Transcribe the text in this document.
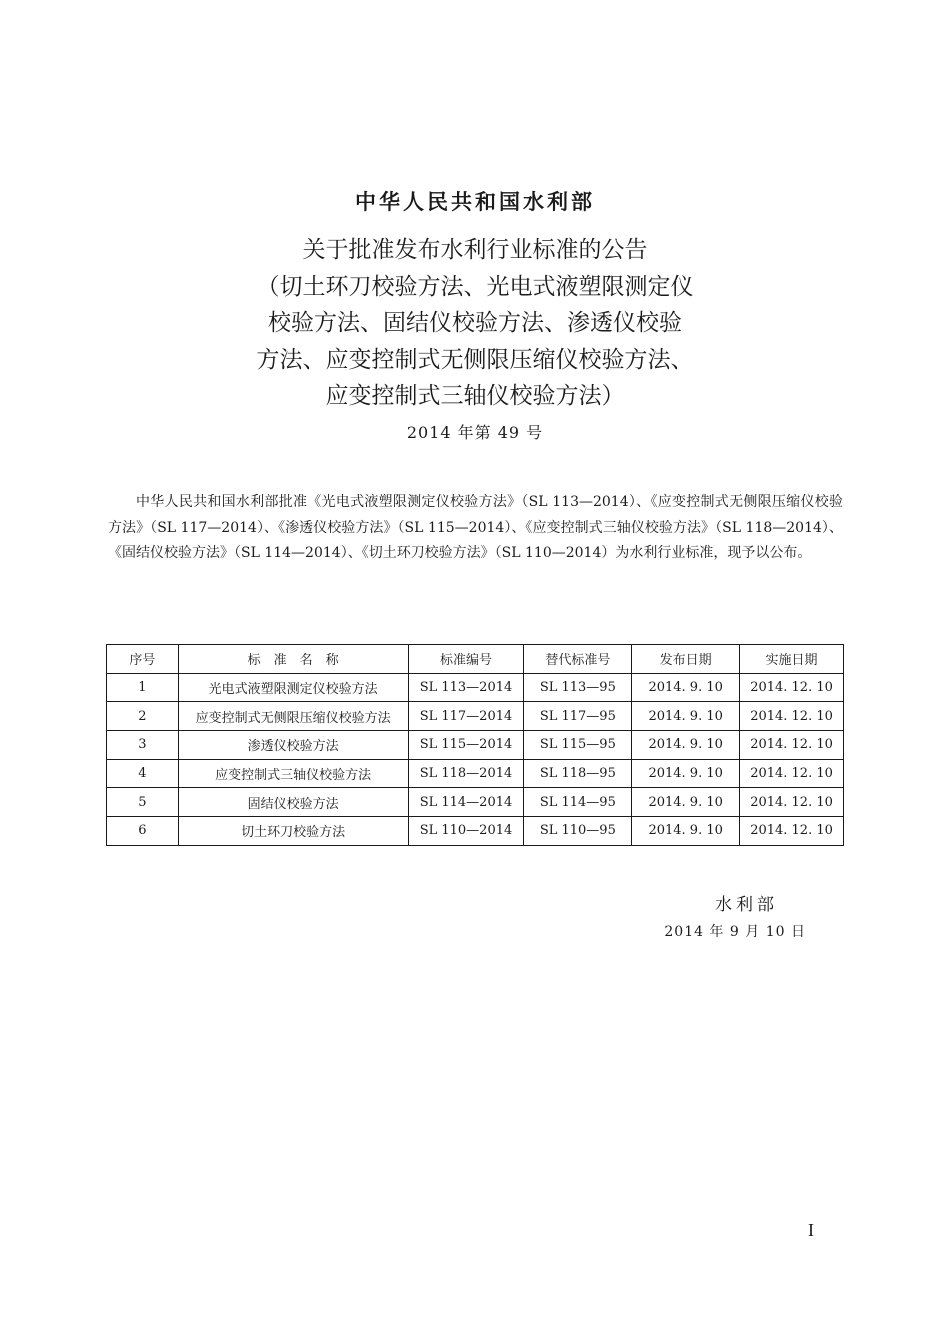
中华人民共和国水利部
关于批准发布水利行业标准的公告
（切土环刀校验方法、光电式液塑限测定仪
校验方法、固结仪校验方法、渗透仪校验
方法、应变控制式无侧限压缩仪校验方法、
应变控制式三轴仪校验方法）
2014 年第 49 号

中华人民共和国水利部批准《光电式液塑限测定仪校验方法》（SL 113—2014）、《应变控制式无侧限压缩仪校验方法》（SL 117—2014）、《渗透仪校验方法》（SL 115—2014）、《应变控制式三轴仪校验方法》（SL 118—2014）、《固结仪校验方法》（SL 114—2014）、《切土环刀校验方法》（SL 110—2014）为水利行业标准，现予以公布。

序号	标　准　名　称	标准编号	替代标准号	发布日期	实施日期
1	光电式液塑限测定仪校验方法	SL 113—2014	SL 113—95	2014. 9. 10	2014. 12. 10
2	应变控制式无侧限压缩仪校验方法	SL 117—2014	SL 117—95	2014. 9. 10	2014. 12. 10
3	渗透仪校验方法	SL 115—2014	SL 115—95	2014. 9. 10	2014. 12. 10
4	应变控制式三轴仪校验方法	SL 118—2014	SL 118—95	2014. 9. 10	2014. 12. 10
5	固结仪校验方法	SL 114—2014	SL 114—95	2014. 9. 10	2014. 12. 10
6	切土环刀校验方法	SL 110—2014	SL 110—95	2014. 9. 10	2014. 12. 10
水利部
2014 年 9 月 10 日
I
